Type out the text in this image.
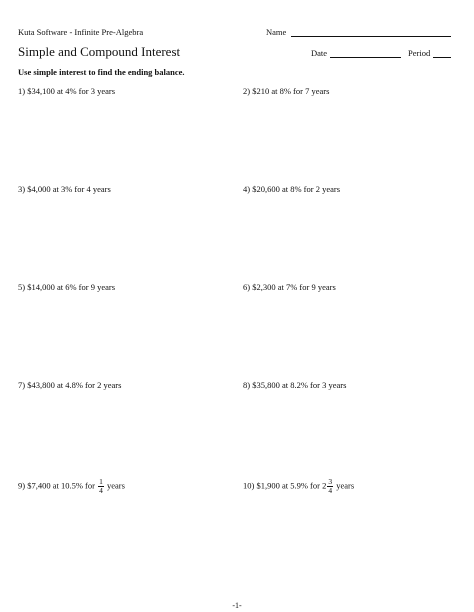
Kuta Software - Infinite Pre-Algebra	Name
Simple and Compound Interest	Date	Period
Use simple interest to find the ending balance.
1) $34,100 at 4% for 3 years	2) $210 at 8% for 7 years
3) $4,000 at 3% for 4 years	4) $20,600 at 8% for 2 years
5) $14,000 at 6% for 9 years	6) $2,300 at 7% for 9 years
7) $43,800 at 4.8% for 2 years	8) $35,800 at 8.2% for 3 years
9) $7,400 at 10.5% for $\frac{1}{4}$ years	10) $1,900 at 5.9% for $2 \frac{3}{4}$ years
-1-
